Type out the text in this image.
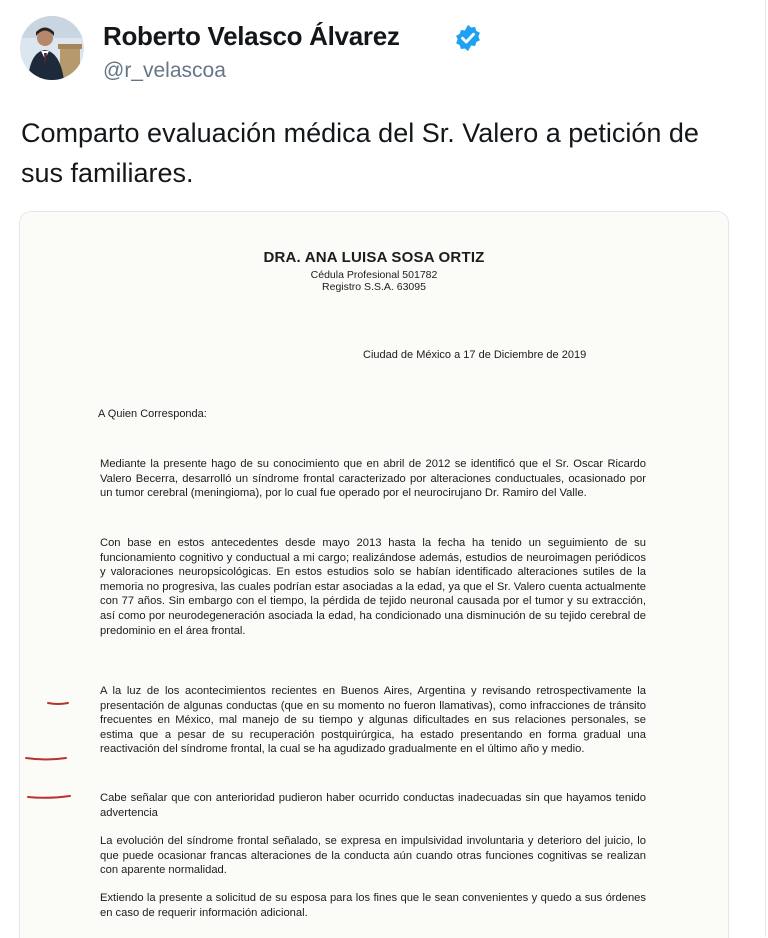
Roberto Velasco Álvarez
@r_velascoa
Comparto evaluación médica del Sr. Valero a petición de sus familiares.
DRA. ANA LUISA SOSA ORTIZ
Cédula Profesional 501782
Registro S.S.A. 63095
Ciudad de México a 17 de Diciembre de 2019
A Quien Corresponda:

Mediante la presente hago de su conocimiento que en abril de 2012 se identificó que el Sr. Oscar Ricardo Valero Becerra, desarrolló un síndrome frontal caracterizado por alteraciones conductuales, ocasionado por un tumor cerebral (meningioma), por lo cual fue operado por el neurocirujano Dr. Ramiro del Valle.

Con base en estos antecedentes desde mayo 2013 hasta la fecha ha tenido un seguimiento de su funcionamiento cognitivo y conductual a mi cargo; realizándose además, estudios de neuroimagen periódicos y valoraciones neuropsicológicas. En estos estudios solo se habían identificado alteraciones sutiles de la memoria no progresiva, las cuales podrían estar asociadas a la edad, ya que el Sr. Valero cuenta actualmente con 77 años. Sin embargo con el tiempo, la pérdida de tejido neuronal causada por el tumor y su extracción, así como por neurodegeneración asociada la edad, ha condicionado una disminución de su tejido cerebral de predominio en el área frontal.

A la luz de los acontecimientos recientes en Buenos Aires, Argentina y revisando retrospectivamente la presentación de algunas conductas (que en su momento no fueron llamativas), como infracciones de tránsito frecuentes en México, mal manejo de su tiempo y algunas dificultades en sus relaciones personales, se estima que a pesar de su recuperación postquirúrgica, ha estado presentando en forma gradual una reactivación del síndrome frontal, la cual se ha agudizado gradualmente en el último año y medio.

Cabe señalar que con anterioridad pudieron haber ocurrido conductas inadecuadas sin que hayamos tenido advertencia

La evolución del síndrome frontal señalado, se expresa en impulsividad involuntaria y deterioro del juicio, lo que puede ocasionar francas alteraciones de la conducta aún cuando otras funciones cognitivas se realizan con aparente normalidad.

Extiendo la presente a solicitud de su esposa para los fines que le sean convenientes y quedo a sus órdenes en caso de requerir información adicional.
